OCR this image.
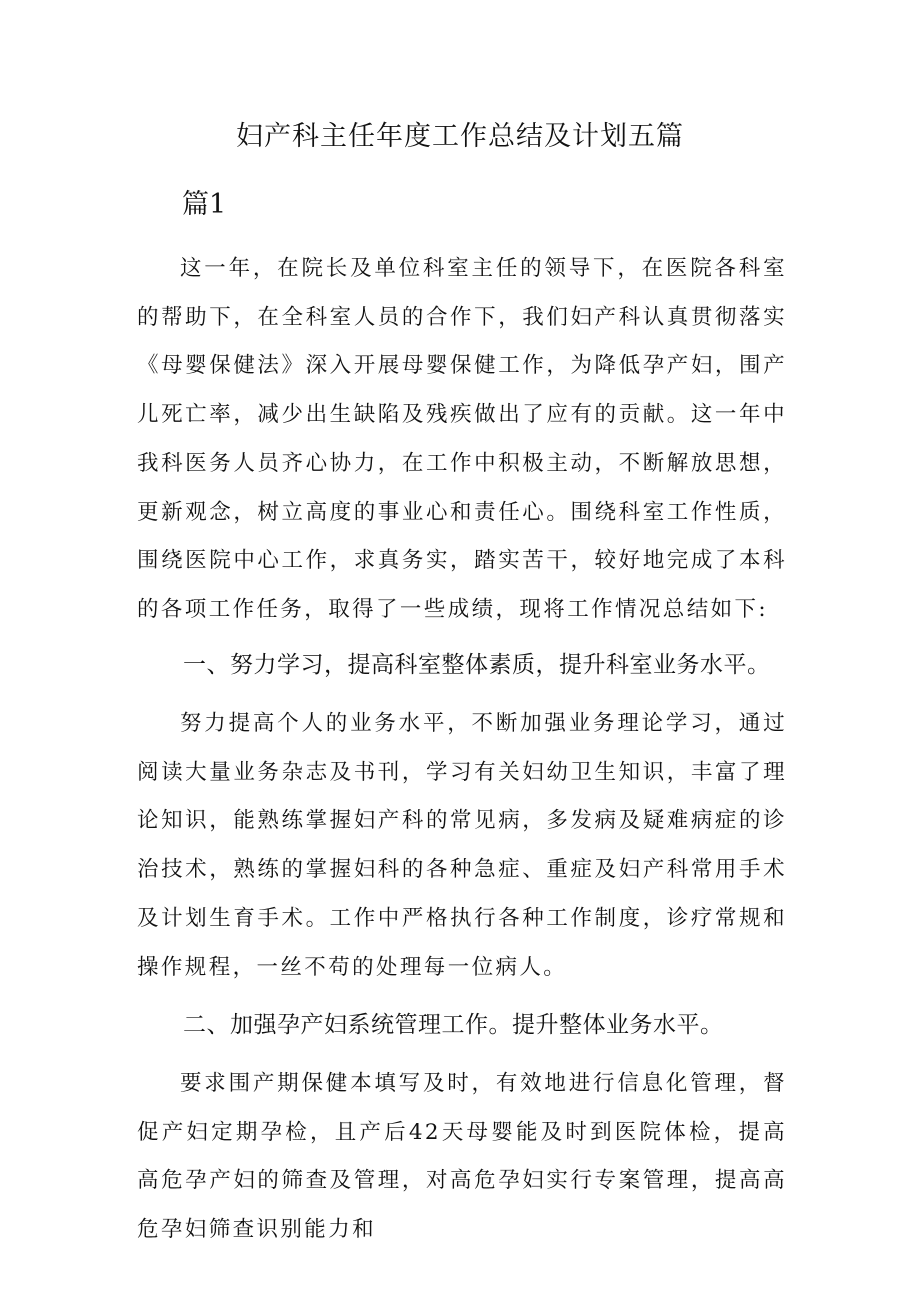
妇产科主任年度工作总结及计划五篇
篇1

这一年，在院长及单位科室主任的领导下，在医院各科室的帮助下，在全科室人员的合作下，我们妇产科认真贯彻落实《母婴保健法》深入开展母婴保健工作，为降低孕产妇，围产儿死亡率，减少出生缺陷及残疾做出了应有的贡献。这一年中我科医务人员齐心协力，在工作中积极主动，不断解放思想，更新观念，树立高度的事业心和责任心。围绕科室工作性质，围绕医院中心工作，求真务实，踏实苦干，较好地完成了本科的各项工作任务，取得了一些成绩，现将工作情况总结如下:

一、努力学习，提高科室整体素质，提升科室业务水平。

努力提高个人的业务水平，不断加强业务理论学习，通过阅读大量业务杂志及书刊，学习有关妇幼卫生知识，丰富了理论知识，能熟练掌握妇产科的常见病，多发病及疑难病症的诊治技术，熟练的掌握妇科的各种急症、重症及妇产科常用手术及计划生育手术。工作中严格执行各种工作制度，诊疗常规和操作规程，一丝不苟的处理每一位病人。

二、加强孕产妇系统管理工作。提升整体业务水平。

要求围产期保健本填写及时，有效地进行信息化管理，督促产妇定期孕检，且产后42天母婴能及时到医院体检，提高高危孕产妇的筛查及管理，对高危孕妇实行专案管理，提高高危孕妇筛查识别能力和
